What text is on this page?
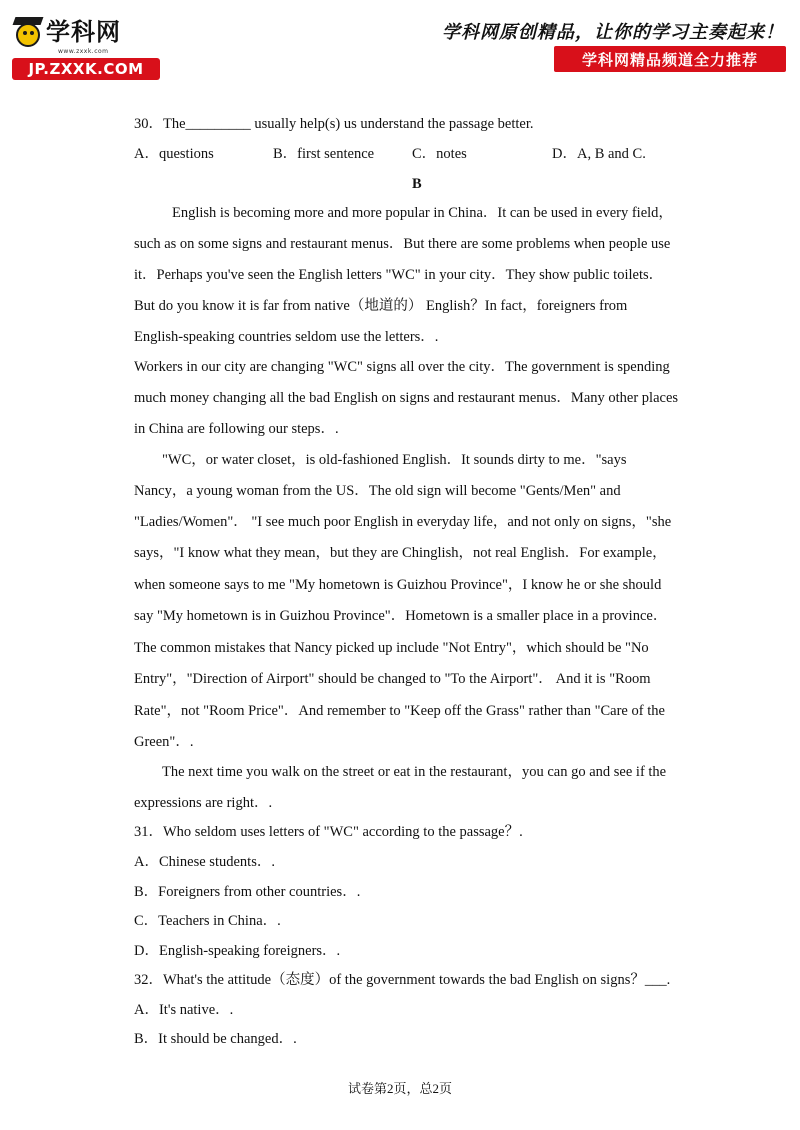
学科网
www.zxxk.com
JP.ZXXK.COM
学科网原创精品，让你的学习主奏起来！
学科网精品频道全力推荐
30．The_________ usually help(s) us understand the passage better.
A．questions	B．first sentence	C．notes	D．A, B and C.
B
English is becoming more and more popular in China．It can be used in every field，
such as on some signs and restaurant menus．But there are some problems when people use
it．Perhaps you've seen the English letters "WC" in your city．They show public toilets．
But do you know it is far from native（地道的） English？In fact，foreigners from
English-speaking countries seldom use the letters．.
Workers in our city are changing "WC" signs all over the city．The government is spending
much money changing all the bad English on signs and restaurant menus．Many other places
in China are following our steps．.
"WC，or water closet，is old-fashioned English．It sounds dirty to me．"says
Nancy，a young woman from the US．The old sign will become "Gents/Men" and
"Ladies/Women"． "I see much poor English in everyday life，and not only on signs，"she
says，"I know what they mean，but they are Chinglish，not real English．For example，
when someone says to me "My hometown is Guizhou Province"，I know he or she should
say "My hometown is in Guizhou Province"．Hometown is a smaller place in a province．
The common mistakes that Nancy picked up include "Not Entry"，which should be "No
Entry"，"Direction of Airport" should be changed to "To the Airport"． And it is "Room
Rate"，not "Room Price"．And remember to "Keep off the Grass" rather than "Care of the
Green"．.
The next time you walk on the street or eat in the restaurant，you can go and see if the
expressions are right．.
31．Who seldom uses letters of "WC" according to the passage？.
A．Chinese students．.
B．Foreigners from other countries．.
C．Teachers in China．.
D．English-speaking foreigners．.
32．What's the attitude（态度）of the government towards the bad English on signs？___.
A．It's native．.
B．It should be changed．.
试卷第2页，总2页
